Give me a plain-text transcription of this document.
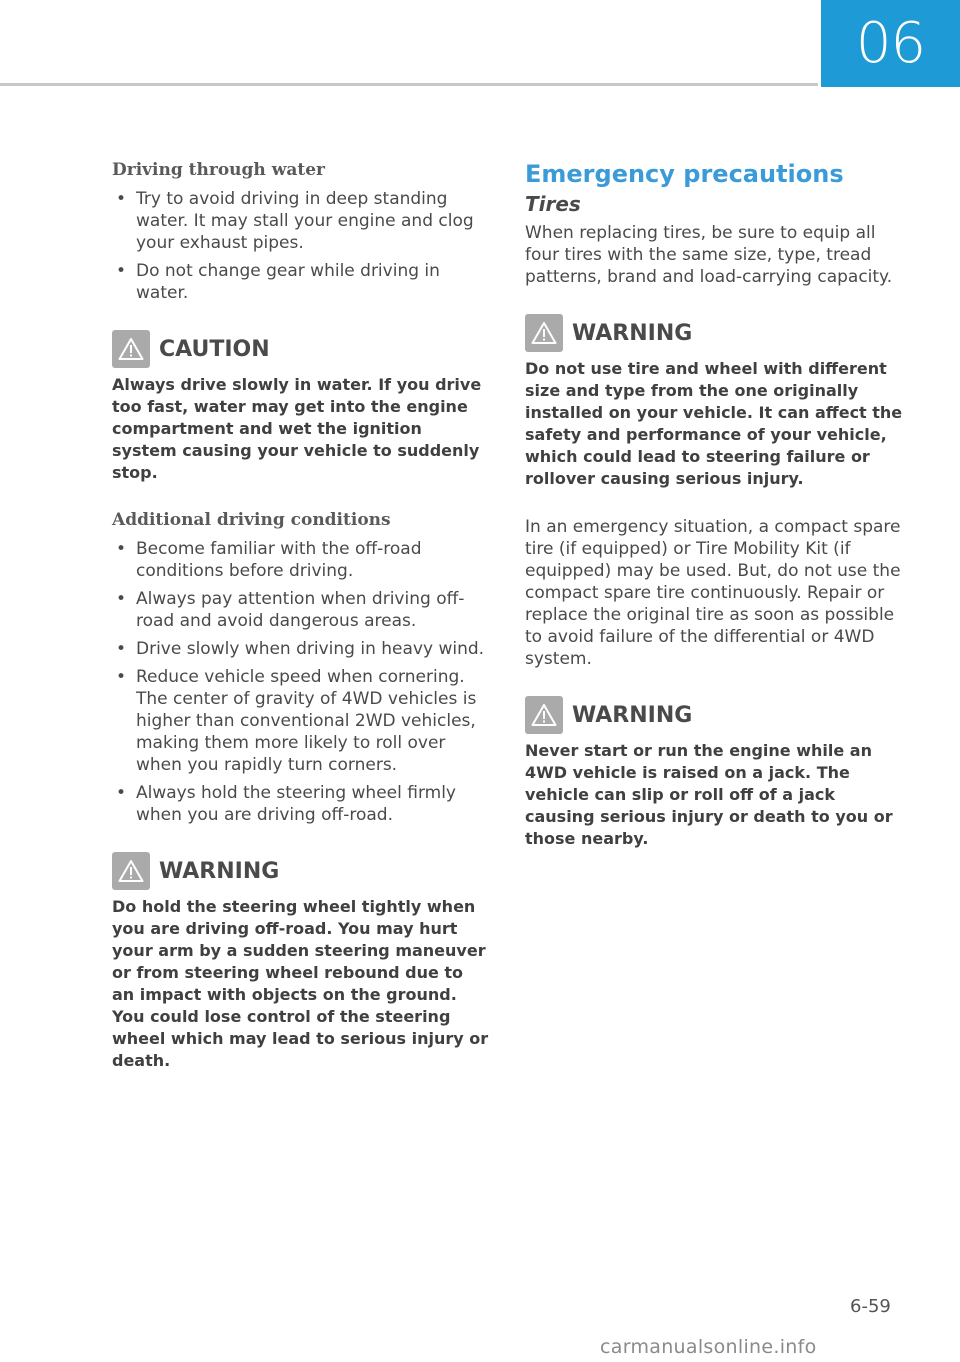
06
Driving through water
• Try to avoid driving in deep standing water. It may stall your engine and clog your exhaust pipes.
• Do not change gear while driving in water.
CAUTION
Always drive slowly in water. If you drive too fast, water may get into the engine compartment and wet the ignition system causing your vehicle to suddenly stop.
Additional driving conditions
• Become familiar with the off-road conditions before driving.
• Always pay attention when driving off-road and avoid dangerous areas.
• Drive slowly when driving in heavy wind.
• Reduce vehicle speed when cornering. The center of gravity of 4WD vehicles is higher than conventional 2WD vehicles, making them more likely to roll over when you rapidly turn corners.
• Always hold the steering wheel firmly when you are driving off-road.
WARNING
Do hold the steering wheel tightly when you are driving off-road. You may hurt your arm by a sudden steering maneuver or from steering wheel rebound due to an impact with objects on the ground. You could lose control of the steering wheel which may lead to serious injury or death.
Emergency precautions
Tires
When replacing tires, be sure to equip all four tires with the same size, type, tread patterns, brand and load-carrying capacity.
WARNING
Do not use tire and wheel with different size and type from the one originally installed on your vehicle. It can affect the safety and performance of your vehicle, which could lead to steering failure or rollover causing serious injury.
In an emergency situation, a compact spare tire (if equipped) or Tire Mobility Kit (if equipped) may be used. But, do not use the compact spare tire continuously. Repair or replace the original tire as soon as possible to avoid failure of the differential or 4WD system.
WARNING
Never start or run the engine while an 4WD vehicle is raised on a jack. The vehicle can slip or roll off of a jack causing serious injury or death to you or those nearby.
6-59
carmanualsonline.info
